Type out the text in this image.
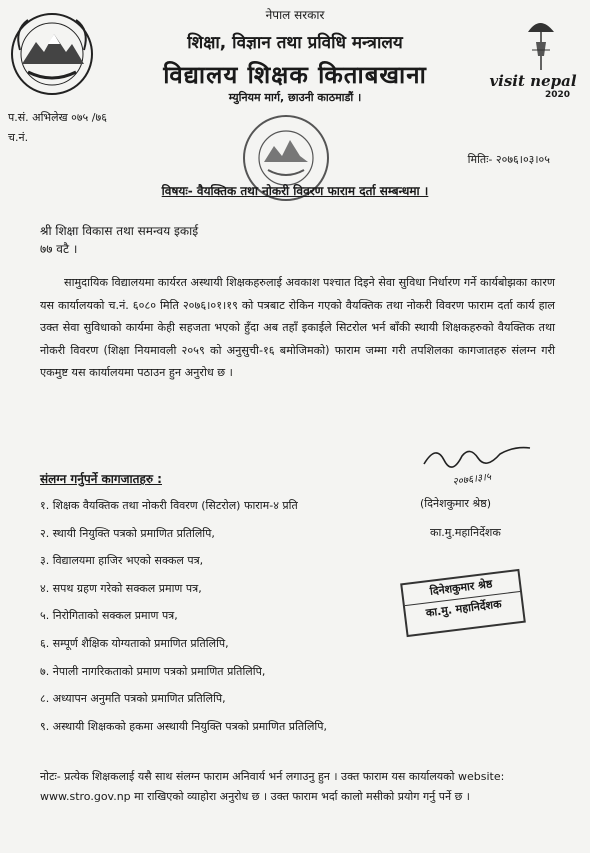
visit nepal
2020
नेपाल सरकार
शिक्षा, विज्ञान तथा प्रविधि मन्त्रालय
विद्यालय शिक्षक किताबखाना
म्युनियम मार्ग, छाउनी काठमाडौं ।
प.सं. अभिलेख ०७५ /७६
च.नं.
मितिः- २०७६।०३।०५
विषयः- वैयक्तिक तथा नोकरी विवरण फाराम दर्ता सम्बन्धमा ।
श्री शिक्षा विकास तथा समन्वय इकाई
७७ वटै ।
सामुदायिक विद्यालयमा कार्यरत अस्थायी शिक्षकहरुलाई अवकाश पश्चात दिइने सेवा सुविधा निर्धारण गर्ने कार्यबोझका कारण यस कार्यालयको च.नं. ६०८० मिति २०७६।०१।१९ को पत्रबाट रोकिन गएको वैयक्तिक तथा नोकरी विवरण फाराम दर्ता कार्य हाल उक्त सेवा सुविधाको कार्यमा केही सहजता भएको हुँदा अब तहाँ इकाईले सिटरोल भर्न बाँकी स्थायी शिक्षकहरुको वैयक्तिक तथा नोकरी विवरण (शिक्षा नियमावली २०५९ को अनुसुची-१६ बमोजिमको) फाराम जम्मा गरी तपशिलका कागजातहरु संलग्न गरी एकमुष्ट यस कार्यालयमा पठाउन हुन अनुरोध छ ।
२०७६।३।५
संलग्न गर्नुपर्ने कागजातहरु :
१. शिक्षक वैयक्तिक तथा नोकरी विवरण (सिटरोल) फाराम-४ प्रति
२. स्थायी नियुक्ति पत्रको प्रमाणित प्रतिलिपि,
३. विद्यालयमा हाजिर भएको सक्कल पत्र,
४. सपथ ग्रहण गरेको सक्कल प्रमाण पत्र,
५. निरोगिताको सक्कल प्रमाण पत्र,
६. सम्पूर्ण शैक्षिक योग्यताको प्रमाणित प्रतिलिपि,
७. नेपाली नागरिकताको प्रमाण पत्रको प्रमाणित प्रतिलिपि,
८. अध्यापन अनुमति पत्रको प्रमाणित प्रतिलिपि,
९. अस्थायी शिक्षकको हकमा अस्थायी नियुक्ति पत्रको प्रमाणित प्रतिलिपि,
(दिनेशकुमार श्रेष्ठ)
का.मु.महानिर्देशक
दिनेशकुमार श्रेष्ठ
का.मु. महानिर्देशक
नोटः- प्रत्येक शिक्षकलाई यसै साथ संलग्न फाराम अनिवार्य भर्न लगाउनु हुन । उक्त फाराम यस कार्यालयको website: www.stro.gov.np मा राखिएको व्याहोरा अनुरोध छ । उक्त फाराम भर्दा कालो मसीको प्रयोग गर्नु पर्ने छ ।
